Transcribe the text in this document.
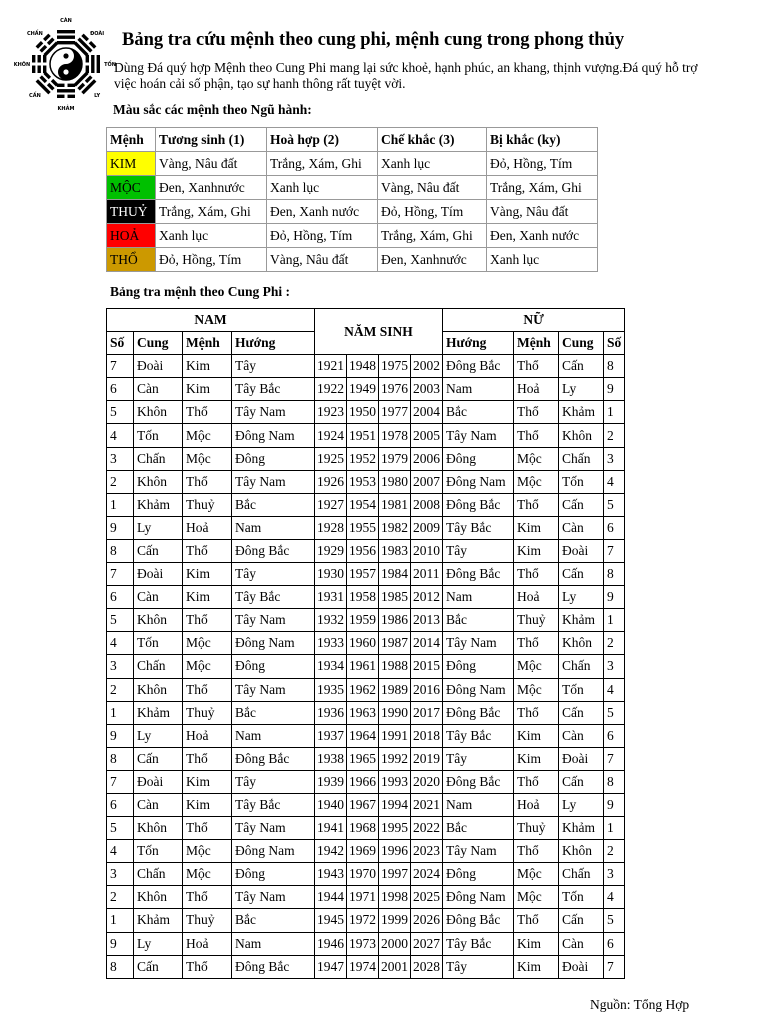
CÀN
ĐOÀI
TỐN
LY
KHẢM
CẤN
KHÔN
CHẤN	Bảng tra cứu mệnh theo cung phi, mệnh cung trong phong thủy
Dùng Đá quý hợp Mệnh theo Cung Phi mang lại sức khoẻ, hạnh phúc, an khang, thịnh vượng.Đá quý hỗ trợ việc hoán cải số phận, tạo sự hanh thông rất tuyệt vời.
Màu sắc các mệnh theo Ngũ hành:
Mệnh	Tương sinh (1)	Hoà hợp (2)	Chế khắc (3)	Bị khắc (ky)
KIM	Vàng, Nâu đất	Trắng, Xám, Ghi	Xanh lục	Đỏ, Hồng, Tím
MỘC	Đen, Xanhnước	Xanh lục	Vàng, Nâu đất	Trắng, Xám, Ghi
THUỶ	Trắng, Xám, Ghi	Đen, Xanh nước	Đỏ, Hồng, Tím	Vàng, Nâu đất
HOẢ	Xanh lục	Đỏ, Hồng, Tím	Trắng, Xám, Ghi	Đen, Xanh nước
THỔ	Đỏ, Hồng, Tím	Vàng, Nâu đất	Đen, Xanhnước	Xanh lục
Bảng tra mệnh theo Cung Phi :
NAM				NĂM SINH				NỮ			
Số	Cung	Mệnh	Hướng					Hướng	Mệnh	Cung	Số
7	Đoài	Kim	Tây	1921	1948	1975	2002	Đông Bắc	Thổ	Cấn	8
6	Càn	Kim	Tây Bắc	1922	1949	1976	2003	Nam	Hoả	Ly	9
5	Khôn	Thổ	Tây Nam	1923	1950	1977	2004	Bắc	Thổ	Khảm	1
4	Tốn	Mộc	Đông Nam	1924	1951	1978	2005	Tây Nam	Thổ	Khôn	2
3	Chấn	Mộc	Đông	1925	1952	1979	2006	Đông	Mộc	Chấn	3
2	Khôn	Thổ	Tây Nam	1926	1953	1980	2007	Đông Nam	Mộc	Tốn	4
1	Khảm	Thuỷ	Bắc	1927	1954	1981	2008	Đông Bắc	Thổ	Cấn	5
9	Ly	Hoả	Nam	1928	1955	1982	2009	Tây Bắc	Kim	Càn	6
8	Cấn	Thổ	Đông Bắc	1929	1956	1983	2010	Tây	Kim	Đoài	7
7	Đoài	Kim	Tây	1930	1957	1984	2011	Đông Bắc	Thổ	Cấn	8
6	Càn	Kim	Tây Bắc	1931	1958	1985	2012	Nam	Hoả	Ly	9
5	Khôn	Thổ	Tây Nam	1932	1959	1986	2013	Bắc	Thuỷ	Khảm	1
4	Tốn	Mộc	Đông Nam	1933	1960	1987	2014	Tây Nam	Thổ	Khôn	2
3	Chấn	Mộc	Đông	1934	1961	1988	2015	Đông	Mộc	Chấn	3
2	Khôn	Thổ	Tây Nam	1935	1962	1989	2016	Đông Nam	Mộc	Tốn	4
1	Khảm	Thuỷ	Bắc	1936	1963	1990	2017	Đông Bắc	Thổ	Cấn	5
9	Ly	Hoả	Nam	1937	1964	1991	2018	Tây Bắc	Kim	Càn	6
8	Cấn	Thổ	Đông Bắc	1938	1965	1992	2019	Tây	Kim	Đoài	7
7	Đoài	Kim	Tây	1939	1966	1993	2020	Đông Bắc	Thổ	Cấn	8
6	Càn	Kim	Tây Bắc	1940	1967	1994	2021	Nam	Hoả	Ly	9
5	Khôn	Thổ	Tây Nam	1941	1968	1995	2022	Bắc	Thuỷ	Khảm	1
4	Tốn	Mộc	Đông Nam	1942	1969	1996	2023	Tây Nam	Thổ	Khôn	2
3	Chấn	Mộc	Đông	1943	1970	1997	2024	Đông	Mộc	Chấn	3
2	Khôn	Thổ	Tây Nam	1944	1971	1998	2025	Đông Nam	Mộc	Tốn	4
1	Khảm	Thuỷ	Bắc	1945	1972	1999	2026	Đông Bắc	Thổ	Cấn	5
9	Ly	Hoả	Nam	1946	1973	2000	2027	Tây Bắc	Kim	Càn	6
8	Cấn	Thổ	Đông Bắc	1947	1974	2001	2028	Tây	Kim	Đoài	7
Nguồn: Tổng Hợp
